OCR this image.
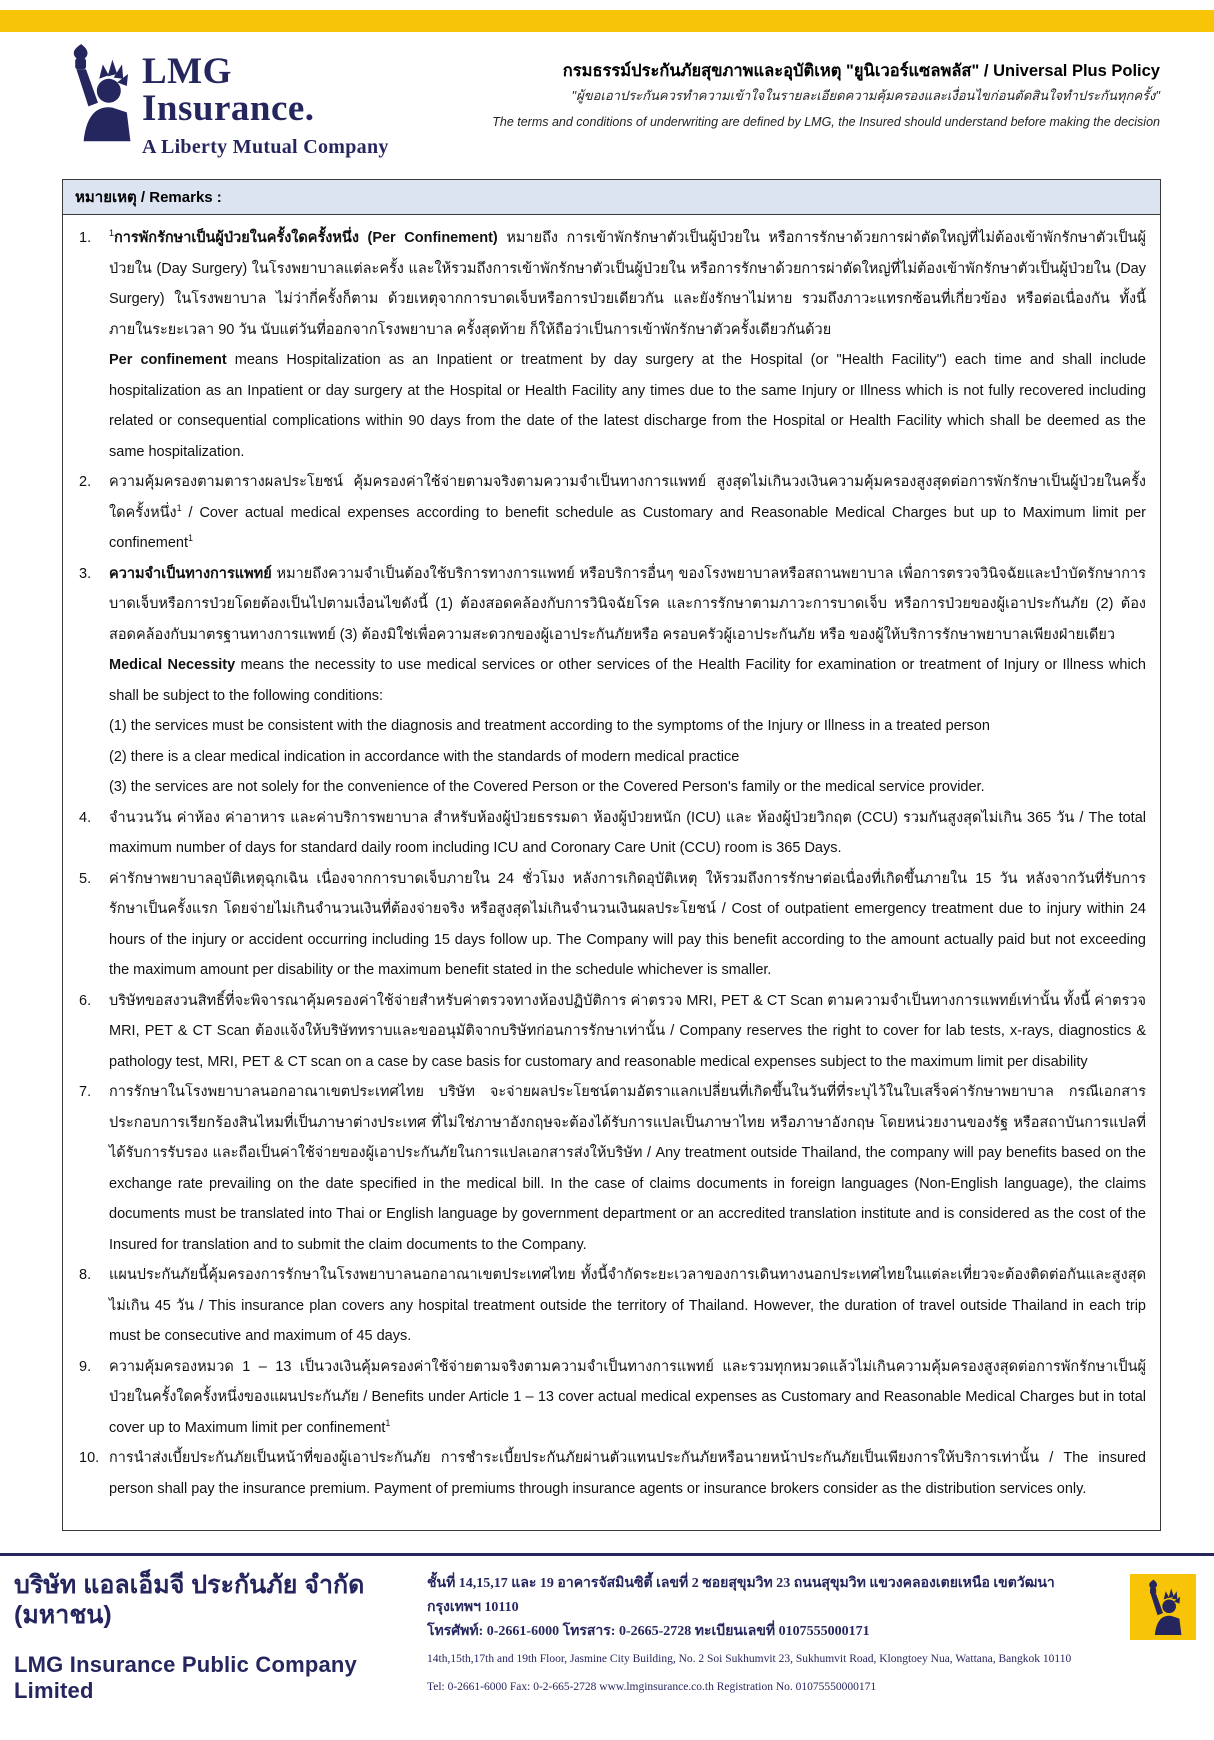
LMG
Insurance.
A Liberty Mutual Company
กรมธรรม์ประกันภัยสุขภาพและอุบัติเหตุ "ยูนิเวอร์แซลพลัส" / Universal Plus Policy
"ผู้ขอเอาประกันควรทำความเข้าใจในรายละเอียดความคุ้มครองและเงื่อนไขก่อนตัดสินใจทำประกันทุกครั้ง"
The terms and conditions of underwriting are defined by LMG, the Insured should understand before making the decision
หมายเหตุ / Remarks :
1.	$^1$การพักรักษาเป็นผู้ป่วยในครั้งใดครั้งหนึ่ง (Per Confinement) หมายถึง การเข้าพักรักษาตัวเป็นผู้ป่วยใน หรือการรักษาด้วยการผ่าตัดใหญ่ที่ไม่ต้องเข้าพักรักษาตัวเป็นผู้ป่วยใน (Day Surgery) ในโรงพยาบาลแต่ละครั้ง และให้รวมถึงการเข้าพักรักษาตัวเป็นผู้ป่วยใน หรือการรักษาด้วยการผ่าตัดใหญ่ที่ไม่ต้องเข้าพักรักษาตัวเป็นผู้ป่วยใน (Day Surgery) ในโรงพยาบาล ไม่ว่ากี่ครั้งก็ตาม ด้วยเหตุจากการบาดเจ็บหรือการป่วยเดียวกัน และยังรักษาไม่หาย รวมถึงภาวะแทรกซ้อนที่เกี่ยวข้อง หรือต่อเนื่องกัน ทั้งนี้ ภายในระยะเวลา 90 วัน นับแต่วันที่ออกจากโรงพยาบาล ครั้งสุดท้าย ก็ให้ถือว่าเป็นการเข้าพักรักษาตัวครั้งเดียวกันด้วย
Per confinement means Hospitalization as an Inpatient or treatment by day surgery at the Hospital (or "Health Facility") each time and shall include hospitalization as an Inpatient or day surgery at the Hospital or Health Facility any times due to the same Injury or Illness which is not fully recovered including related or consequential complications within 90 days from the date of the latest discharge from the Hospital or Health Facility which shall be deemed as the same hospitalization.
2.	ความคุ้มครองตามตารางผลประโยชน์ คุ้มครองค่าใช้จ่ายตามจริงตามความจำเป็นทางการแพทย์ สูงสุดไม่เกินวงเงินความคุ้มครองสูงสุดต่อการพักรักษาเป็นผู้ป่วยในครั้งใดครั้งหนึ่ง$^1$ / Cover actual medical expenses according to benefit schedule as Customary and Reasonable Medical Charges but up to Maximum limit per confinement$^1$
3.	ความจำเป็นทางการแพทย์ หมายถึงความจำเป็นต้องใช้บริการทางการแพทย์ หรือบริการอื่นๆ ของโรงพยาบาลหรือสถานพยาบาล เพื่อการตรวจวินิจฉัยและบำบัดรักษาการบาดเจ็บหรือการป่วยโดยต้องเป็นไปตามเงื่อนไขดังนี้ (1) ต้องสอดคล้องกับการวินิจฉัยโรค และการรักษาตามภาวะการบาดเจ็บ หรือการป่วยของผู้เอาประกันภัย (2) ต้องสอดคล้องกับมาตรฐานทางการแพทย์ (3) ต้องมิใช่เพื่อความสะดวกของผู้เอาประกันภัยหรือ ครอบครัวผู้เอาประกันภัย หรือ ของผู้ให้บริการรักษาพยาบาลเพียงฝ่ายเดียว
Medical Necessity means the necessity to use medical services or other services of the Health Facility for examination or treatment of Injury or Illness which shall be subject to the following conditions:
(1) the services must be consistent with the diagnosis and treatment according to the symptoms of the Injury or Illness in a treated person
(2) there is a clear medical indication in accordance with the standards of modern medical practice
(3) the services are not solely for the convenience of the Covered Person or the Covered Person's family or the medical service provider.
4.	จำนวนวัน ค่าห้อง ค่าอาหาร และค่าบริการพยาบาล สำหรับห้องผู้ป่วยธรรมดา ห้องผู้ป่วยหนัก (ICU) และ ห้องผู้ป่วยวิกฤต (CCU) รวมกันสูงสุดไม่เกิน 365 วัน / The total maximum number of days for standard daily room including ICU and Coronary Care Unit (CCU) room is 365 Days.
5.	ค่ารักษาพยาบาลอุบัติเหตุฉุกเฉิน เนื่องจากการบาดเจ็บภายใน 24 ชั่วโมง หลังการเกิดอุบัติเหตุ ให้รวมถึงการรักษาต่อเนื่องที่เกิดขึ้นภายใน 15 วัน หลังจากวันที่รับการรักษาเป็นครั้งแรก โดยจ่ายไม่เกินจำนวนเงินที่ต้องจ่ายจริง หรือสูงสุดไม่เกินจำนวนเงินผลประโยชน์ / Cost of outpatient emergency treatment due to injury within 24 hours of the injury or accident occurring including 15 days follow up. The Company will pay this benefit according to the amount actually paid but not exceeding the maximum amount per disability or the maximum benefit stated in the schedule whichever is smaller.
6.	บริษัทขอสงวนสิทธิ์ที่จะพิจารณาคุ้มครองค่าใช้จ่ายสำหรับค่าตรวจทางห้องปฏิบัติการ ค่าตรวจ MRI, PET & CT Scan ตามความจำเป็นทางการแพทย์เท่านั้น ทั้งนี้ ค่าตรวจ MRI, PET & CT Scan ต้องแจ้งให้บริษัททราบและขออนุมัติจากบริษัทก่อนการรักษาเท่านั้น / Company reserves the right to cover for lab tests, x-rays, diagnostics & pathology test, MRI, PET & CT scan on a case by case basis for customary and reasonable medical expenses subject to the maximum limit per disability
7.	การรักษาในโรงพยาบาลนอกอาณาเขตประเทศไทย บริษัท จะจ่ายผลประโยชน์ตามอัตราแลกเปลี่ยนที่เกิดขึ้นในวันที่ที่ระบุไว้ในใบเสร็จค่ารักษาพยาบาล กรณีเอกสารประกอบการเรียกร้องสินไหมที่เป็นภาษาต่างประเทศ ที่ไม่ใช่ภาษาอังกฤษจะต้องได้รับการแปลเป็นภาษาไทย หรือภาษาอังกฤษ โดยหน่วยงานของรัฐ หรือสถาบันการแปลที่ได้รับการรับรอง และถือเป็นค่าใช้จ่ายของผู้เอาประกันภัยในการแปลเอกสารส่งให้บริษัท / Any treatment outside Thailand, the company will pay benefits based on the exchange rate prevailing on the date specified in the medical bill. In the case of claims documents in foreign languages (Non-English language), the claims documents must be translated into Thai or English language by government department or an accredited translation institute and is considered as the cost of the Insured for translation and to submit the claim documents to the Company.
8.	แผนประกันภัยนี้คุ้มครองการรักษาในโรงพยาบาลนอกอาณาเขตประเทศไทย ทั้งนี้จำกัดระยะเวลาของการเดินทางนอกประเทศไทยในแต่ละเที่ยวจะต้องติดต่อกันและสูงสุดไม่เกิน 45 วัน / This insurance plan covers any hospital treatment outside the territory of Thailand. However, the duration of travel outside Thailand in each trip must be consecutive and maximum of 45 days.
9.	ความคุ้มครองหมวด 1 – 13 เป็นวงเงินคุ้มครองค่าใช้จ่ายตามจริงตามความจำเป็นทางการแพทย์ และรวมทุกหมวดแล้วไม่เกินความคุ้มครองสูงสุดต่อการพักรักษาเป็นผู้ป่วยในครั้งใดครั้งหนึ่งของแผนประกันภัย / Benefits under Article 1 – 13 cover actual medical expenses as Customary and Reasonable Medical Charges but in total cover up to Maximum limit per confinement$^1$
10. การนำส่งเบี้ยประกันภัยเป็นหน้าที่ของผู้เอาประกันภัย การชำระเบี้ยประกันภัยผ่านตัวแทนประกันภัยหรือนายหน้าประกันภัยเป็นเพียงการให้บริการเท่านั้น / The insured person shall pay the insurance premium. Payment of premiums through insurance agents or insurance brokers consider as the distribution services only.
บริษัท แอลเอ็มจี ประกันภัย จำกัด (มหาชน)
LMG Insurance Public Company Limited
ชั้นที่ 14,15,17 และ 19 อาคารจัสมินซิตี้ เลขที่ 2 ซอยสุขุมวิท 23 ถนนสุขุมวิท แขวงคลองเตยเหนือ เขตวัฒนา กรุงเทพฯ 10110
โทรศัพท์: 0-2661-6000 โทรสาร: 0-2665-2728 ทะเบียนเลขที่ 0107555000171
14th,15th,17th and 19th Floor, Jasmine City Building, No. 2 Soi Sukhumvit 23, Sukhumvit Road, Klongtoey Nua, Wattana, Bangkok 10110
Tel: 0-2661-6000 Fax: 0-2-665-2728 www.lmginsurance.co.th Registration No. 01075550000171
